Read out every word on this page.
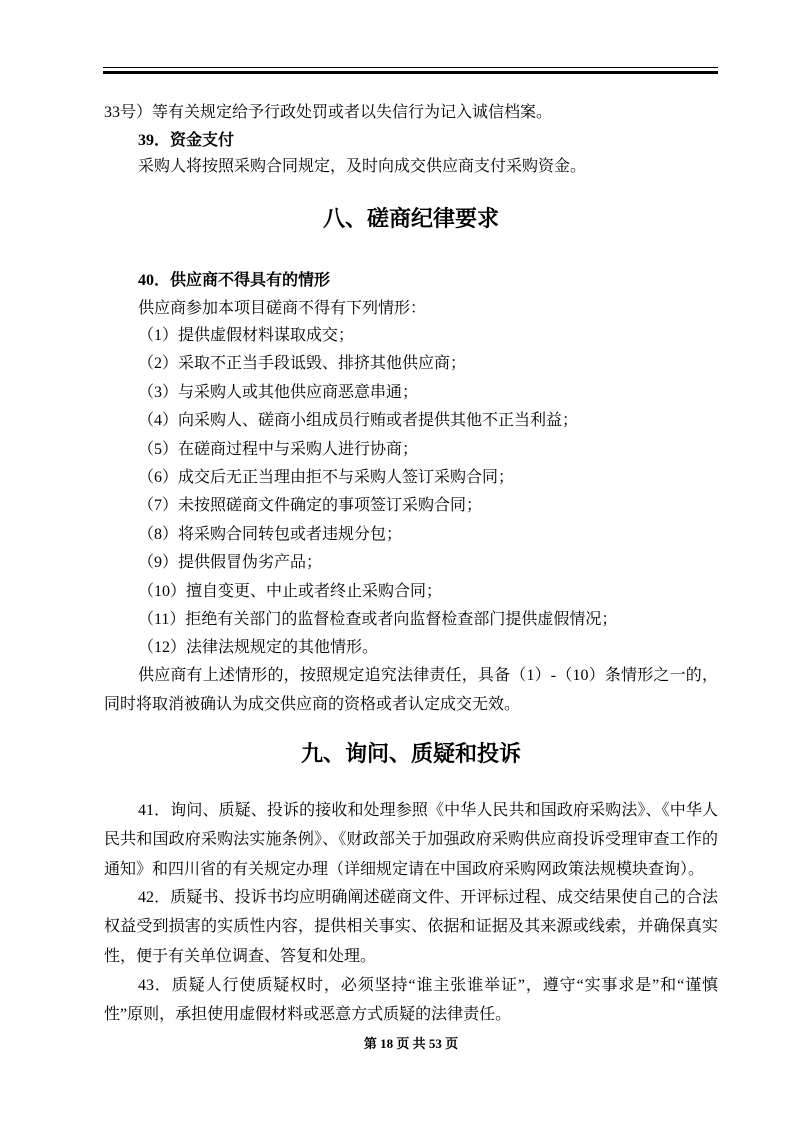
33号）等有关规定给予行政处罚或者以失信行为记入诚信档案。

39．资金支付

采购人将按照采购合同规定，及时向成交供应商支付采购资金。

八、磋商纪律要求

40．供应商不得具有的情形

供应商参加本项目磋商不得有下列情形：

（1）提供虚假材料谋取成交；

（2）采取不正当手段诋毁、排挤其他供应商；

（3）与采购人或其他供应商恶意串通；

（4）向采购人、磋商小组成员行贿或者提供其他不正当利益；

（5）在磋商过程中与采购人进行协商；

（6）成交后无正当理由拒不与采购人签订采购合同；

（7）未按照磋商文件确定的事项签订采购合同；

（8）将采购合同转包或者违规分包；

（9）提供假冒伪劣产品；

（10）擅自变更、中止或者终止采购合同；

（11）拒绝有关部门的监督检查或者向监督检查部门提供虚假情况；

（12）法律法规规定的其他情形。

供应商有上述情形的，按照规定追究法律责任，具备（1）-（10）条情形之一的，同时将取消被确认为成交供应商的资格或者认定成交无效。

九、询问、质疑和投诉

41．询问、质疑、投诉的接收和处理参照《中华人民共和国政府采购法》、《中华人民共和国政府采购法实施条例》、《财政部关于加强政府采购供应商投诉受理审查工作的通知》和四川省的有关规定办理（详细规定请在中国政府采购网政策法规模块查询）。

42．质疑书、投诉书均应明确阐述磋商文件、开评标过程、成交结果使自己的合法权益受到损害的实质性内容，提供相关事实、依据和证据及其来源或线索，并确保真实性，便于有关单位调查、答复和处理。

43．质疑人行使质疑权时，必须坚持“谁主张谁举证”，遵守“实事求是”和“谨慎性”原则，承担使用虚假材料或恶意方式质疑的法律责任。

第 18 页 共 53 页
